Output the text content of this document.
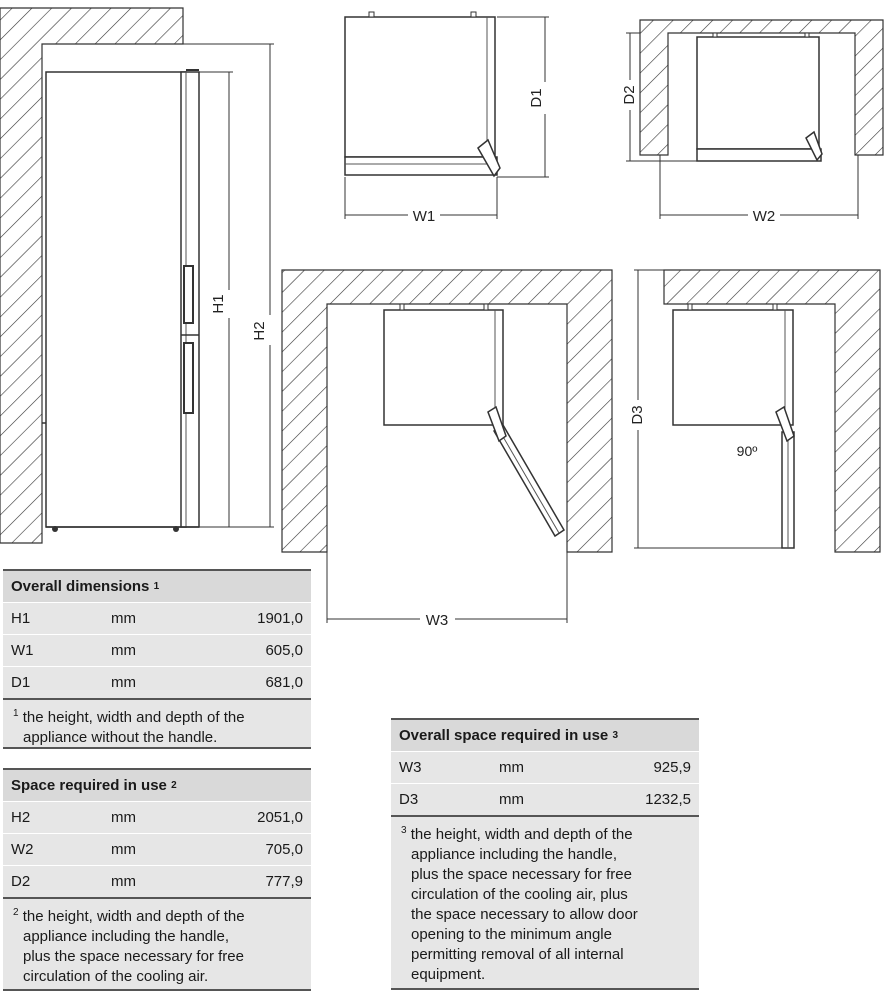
H1
H2
D1
W1
D2
W2
W3
90º
D3
Overall dimensions
1
H1	mm	1901,0
W1	mm	605,0
D1	mm	681,0
$^1$ the height, width and depth of the
appliance without the handle.
Space required in use
2
H2	mm	2051,0
W2	mm	705,0
D2	mm	777,9
$^2$ the height, width and depth of the
appliance including the handle,
plus the space necessary for free
circulation of the cooling air.
Overall space required in use
3
W3	mm	925,9
D3	mm	1232,5
$^3$ the height, width and depth of the
appliance including the handle,
plus the space necessary for free
circulation of the cooling air, plus
the space necessary to allow door
opening to the minimum angle
permitting removal of all internal
equipment.
